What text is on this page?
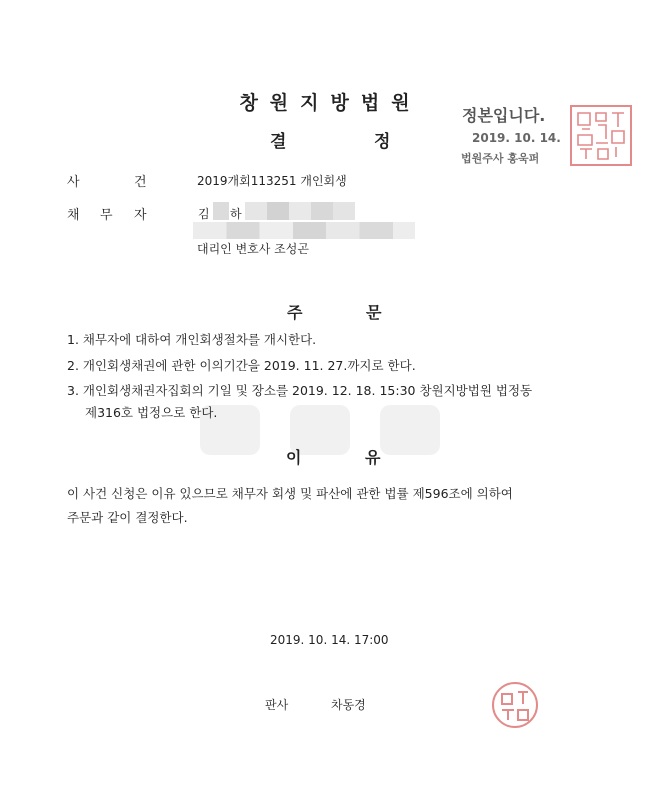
창원지방법원
결	정
정본입니다.
2019. 10. 14.
법원주사 홍욱퍼
사	건	2019개회113251 개인회생
채 무 자	김 하
대리인 변호사 조성곤
주	문
1. 채무자에 대하여 개인회생절차를 개시한다.
2. 개인회생채권에 관한 이의기간을 2019. 11. 27.까지로 한다.
3. 개인회생채권자집회의 기일 및 장소를 2019. 12. 18. 15:30 창원지방법원 법정동
제316호 법정으로 한다.
이	유
이 사건 신청은 이유 있으므로 채무자 회생 및 파산에 관한 법률 제596조에 의하여
주문과 같이 결정한다.
2019. 10. 14. 17:00
판사	차동경
